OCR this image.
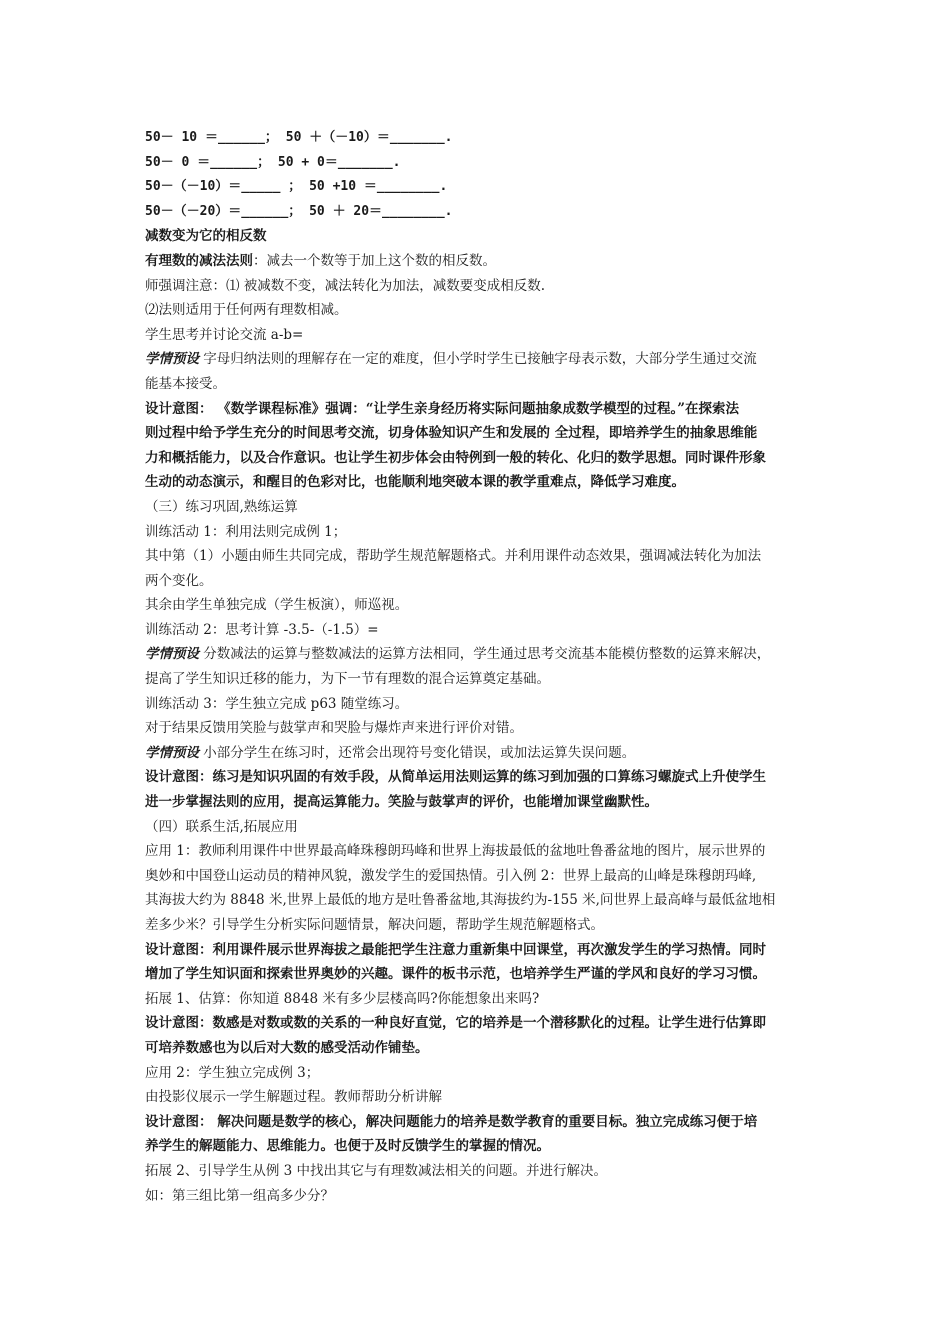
50－ 10 ＝______； 50 ＋（－10）＝_______.
50－ 0 ＝______； 50 + 0＝_______.
50－（－10）＝_____ ； 50 +10 ＝________.
50－（－20）＝______； 50 ＋ 20＝________.
减数变为它的相反数
有理数的减法法则：减去一个数等于加上这个数的相反数。
师强调注意：⑴ 被减数不变，减法转化为加法，减数要变成相反数.
⑵法则适用于任何两有理数相减。
学生思考并讨论交流 a-b=
学情预设 字母归纳法则的理解存在一定的难度，但小学时学生已接触字母表示数，大部分学生通过交流
能基本接受。
设计意图： 《数学课程标准》强调：“让学生亲身经历将实际问题抽象成数学模型的过程。”在探索法
则过程中给予学生充分的时间思考交流，切身体验知识产生和发展的 全过程，即培养学生的抽象思维能
力和概括能力，以及合作意识。也让学生初步体会由特例到一般的转化、化归的数学思想。同时课件形象
生动的动态演示，和醒目的色彩对比，也能顺利地突破本课的教学重难点，降低学习难度。
（三）练习巩固,熟练运算
训练活动 1：利用法则完成例 1；
其中第（1）小题由师生共同完成，帮助学生规范解题格式。并利用课件动态效果，强调减法转化为加法
两个变化。
其余由学生单独完成（学生板演），师巡视。
训练活动 2：思考计算 -3.5-（-1.5）=
学情预设 分数减法的运算与整数减法的运算方法相同，学生通过思考交流基本能模仿整数的运算来解决，
提高了学生知识迁移的能力，为下一节有理数的混合运算奠定基础。
训练活动 3：学生独立完成 p63 随堂练习。
对于结果反馈用笑脸与鼓掌声和哭脸与爆炸声来进行评价对错。
学情预设 小部分学生在练习时，还常会出现符号变化错误，或加法运算失误问题。
设计意图：练习是知识巩固的有效手段，从简单运用法则运算的练习到加强的口算练习螺旋式上升使学生
进一步掌握法则的应用，提高运算能力。笑脸与鼓掌声的评价，也能增加课堂幽默性。
（四）联系生活,拓展应用
应用 1：教师利用课件中世界最高峰珠穆朗玛峰和世界上海拔最低的盆地吐鲁番盆地的图片，展示世界的
奥妙和中国登山运动员的精神风貌，激发学生的爱国热情。引入例 2：世界上最高的山峰是珠穆朗玛峰,
其海拔大约为 8848 米,世界上最低的地方是吐鲁番盆地,其海拔约为-155 米,问世界上最高峰与最低盆地相
差多少米？引导学生分析实际问题情景，解决问题，帮助学生规范解题格式。
设计意图：利用课件展示世界海拔之最能把学生注意力重新集中回课堂，再次激发学生的学习热情。同时
增加了学生知识面和探索世界奥妙的兴趣。课件的板书示范，也培养学生严谨的学风和良好的学习习惯。
拓展 1、估算：你知道 8848 米有多少层楼高吗?你能想象出来吗?
设计意图：数感是对数或数的关系的一种良好直觉，它的培养是一个潜移默化的过程。让学生进行估算即
可培养数感也为以后对大数的感受活动作铺垫。
应用 2：学生独立完成例 3；
由投影仪展示一学生解题过程。教师帮助分析讲解
设计意图： 解决问题是数学的核心，解决问题能力的培养是数学教育的重要目标。独立完成练习便于培
养学生的解题能力、思维能力。也便于及时反馈学生的掌握的情况。
拓展 2、引导学生从例 3 中找出其它与有理数减法相关的问题。并进行解决。
如：第三组比第一组高多少分？
